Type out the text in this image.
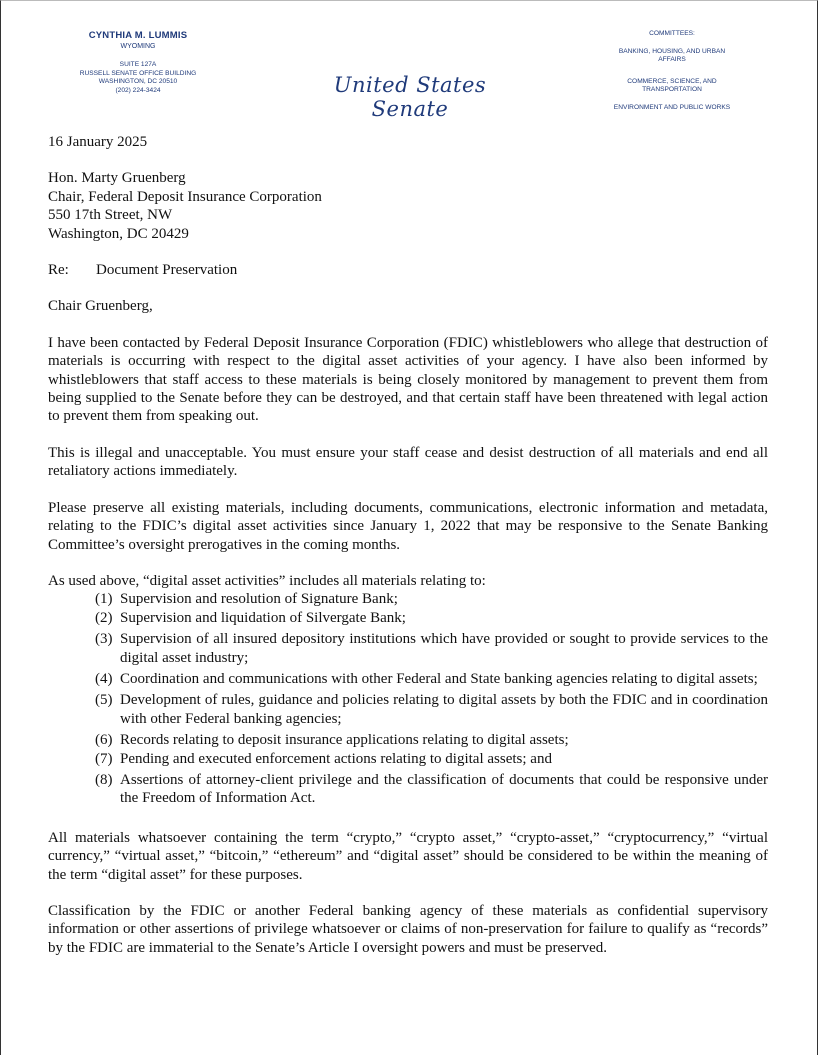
CYNTHIA M. LUMMIS
WYOMING
SUITE 127A
RUSSELL SENATE OFFICE BUILDING
WASHINGTON, DC 20510
(202) 224-3424	United States Senate
COMMITTEES:
BANKING, HOUSING, AND URBAN AFFAIRS
COMMERCE, SCIENCE, AND TRANSPORTATION
ENVIRONMENT AND PUBLIC WORKS

16 January 2025

Hon. Marty Gruenberg

Chair, Federal Deposit Insurance Corporation

550 17th Street, NW

Washington, DC 20429

Re:	Document Preservation

Chair Gruenberg,

I have been contacted by Federal Deposit Insurance Corporation (FDIC) whistleblowers who allege that destruction of materials is occurring with respect to the digital asset activities of your agency. I have also been informed by whistleblowers that staff access to these materials is being closely monitored by management to prevent them from being supplied to the Senate before they can be destroyed, and that certain staff have been threatened with legal action to prevent them from speaking out.

This is illegal and unacceptable. You must ensure your staff cease and desist destruction of all materials and end all retaliatory actions immediately.

Please preserve all existing materials, including documents, communications, electronic information and metadata, relating to the FDIC’s digital asset activities since January 1, 2022 that may be responsive to the Senate Banking Committee’s oversight prerogatives in the coming months.

As used above, “digital asset activities” includes all materials relating to:

(1) Supervision and resolution of Signature Bank;
(2) Supervision and liquidation of Silvergate Bank;
(3) Supervision of all insured depository institutions which have provided or sought to provide services to the digital asset industry;
(4) Coordination and communications with other Federal and State banking agencies relating to digital assets;
(5) Development of rules, guidance and policies relating to digital assets by both the FDIC and in coordination with other Federal banking agencies;
(6) Records relating to deposit insurance applications relating to digital assets;
(7) Pending and executed enforcement actions relating to digital assets; and
(8) Assertions of attorney-client privilege and the classification of documents that could be responsive under the Freedom of Information Act.

All materials whatsoever containing the term “crypto,” “crypto asset,” “crypto-asset,” “cryptocurrency,” “virtual currency,” “virtual asset,” “bitcoin,” “ethereum” and “digital asset” should be considered to be within the meaning of the term “digital asset” for these purposes.

Classification by the FDIC or another Federal banking agency of these materials as confidential supervisory information or other assertions of privilege whatsoever or claims of non-preservation for failure to qualify as “records” by the FDIC are immaterial to the Senate’s Article I oversight powers and must be preserved.
